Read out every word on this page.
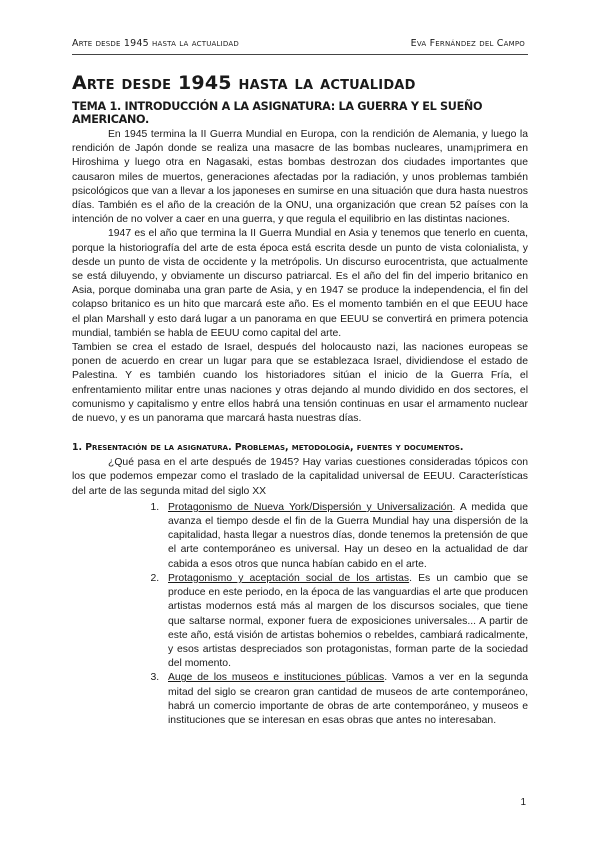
Arte desde 1945 hasta la actualidad	Eva Fernández del Campo
Arte desde 1945 hasta la actualidad
TEMA 1. INTRODUCCIÓN A LA ASIGNATURA: LA GUERRA Y EL SUEÑO AMERICANO.

En 1945 termina la II Guerra Mundial en Europa, con la rendición de Alemania, y luego la rendición de Japón donde se realiza una masacre de las bombas nucleares, unam¡primera en Hiroshima y luego otra en Nagasaki, estas bombas destrozan dos ciudades importantes que causaron miles de muertos, generaciones afectadas por la radiación, y unos problemas también psicológicos que van a llevar a los japoneses en sumirse en una situación que dura hasta nuestros días. También es el año de la creación de la ONU, una organización que crean 52 países con la intención de no volver a caer en una guerra, y que regula el equilibrio en las distintas naciones.

1947 es el año que termina la II Guerra Mundial en Asia y tenemos que tenerlo en cuenta, porque la historiografía del arte de esta época está escrita desde un punto de vista colonialista, y desde un punto de vista de occidente y la metrópolis. Un discurso eurocentrista, que actualmente se está diluyendo, y obviamente un discurso patriarcal. Es el año del fin del imperio britanico en Asia, porque dominaba una gran parte de Asia, y en 1947 se produce la independencia, el fin del colapso britanico es un hito que marcará este año. Es el momento también en el que EEUU hace el plan Marshall y esto dará lugar a un panorama en que EEUU se convertirá en primera potencia mundial, también se habla de EEUU como capital del arte.

Tambien se crea el estado de Israel, después del holocausto nazi, las naciones europeas se ponen de acuerdo en crear un lugar para que se establezaca Israel, dividiendose el estado de Palestina. Y es también cuando los historiadores sitúan el inicio de la Guerra Fría, el enfrentamiento militar entre unas naciones y otras dejando al mundo dividido en dos sectores, el comunismo y capitalismo y entre ellos habrá una tensión continuas en usar el armamento nuclear de nuevo, y es un panorama que marcará hasta nuestras días.

1. Presentación de la asignatura. Problemas, metodología, fuentes y documentos.

¿Qué pasa en el arte después de 1945? Hay varias cuestiones consideradas tópicos con los que podemos empezar como el traslado de la capitalidad universal de EEUU. Características del arte de las segunda mitad del siglo XX

1. Protagonismo de Nueva York/Dispersión y Universalización. A medida que avanza el tiempo desde el fin de la Guerra Mundial hay una dispersión de la capitalidad, hasta llegar a nuestros días, donde tenemos la pretensión de que el arte contemporáneo es universal. Hay un deseo en la actualidad de dar cabida a esos otros que nunca habían cabido en el arte.
2. Protagonismo y aceptación social de los artistas. Es un cambio que se produce en este periodo, en la época de las vanguardias el arte que producen artistas modernos está más al margen de los discursos sociales, que tiene que saltarse normal, exponer fuera de exposiciones universales... A partir de este año, está visión de artistas bohemios o rebeldes, cambiará radicalmente, y esos artistas despreciados son protagonistas, forman parte de la sociedad del momento.
3. Auge de los museos e instituciones públicas. Vamos a ver en la segunda mitad del siglo se crearon gran cantidad de museos de arte contemporáneo, habrá un comercio importante de obras de arte contemporáneo, y museos e instituciones que se interesan en esas obras que antes no interesaban.
1
